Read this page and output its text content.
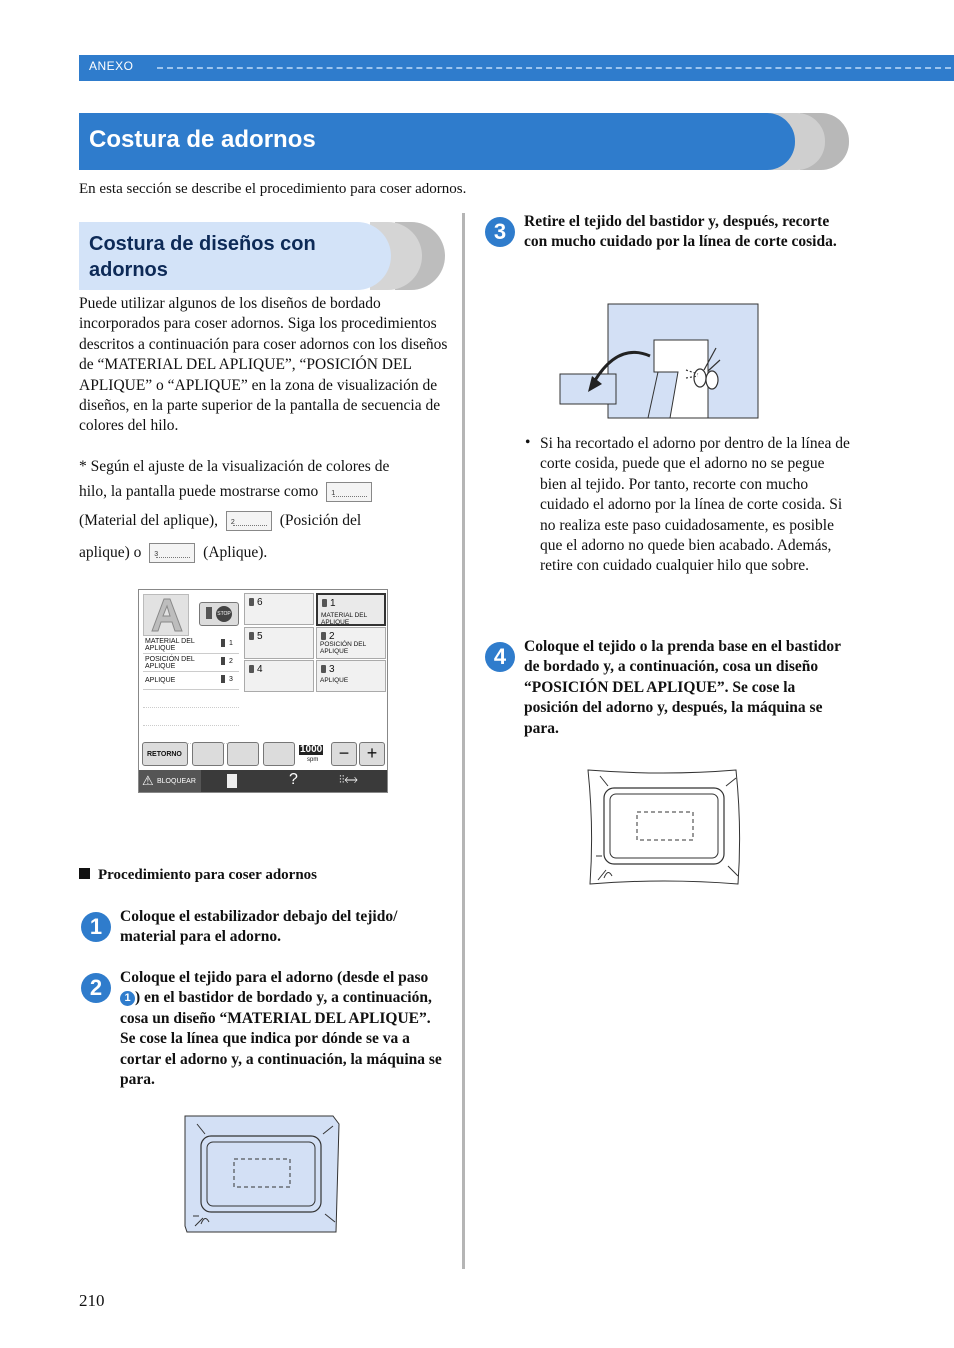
ANEXO
Costura de adornos
En esta sección se describe el procedimiento para coser adornos.
Costura de diseños con adornos
Puede utilizar algunos de los diseños de bordado incorporados para coser adornos. Siga los procedimientos descritos a continuación para coser adornos con los diseños de “MATERIAL DEL APLIQUE”, “POSICIÓN DEL APLIQUE” o “APLIQUE” en la zona de visualización de diseños, en la parte superior de la pantalla de secuencia de colores del hilo.
* Según el ajuste de la visualización de colores de
hilo, la pantalla puede mostrarse como 1
(Material del aplique), 2	(Posición del
aplique) o 3	(Aplique).
STOP
MATERIAL DEL APLIQUE
1
POSICIÓN DEL APLIQUE
2
APLIQUE	3
6	1
MATERIAL DEL APLIQUE
5	2
POSICIÓN DEL APLIQUE
4	3
APLIQUE
RETORNO	1000
spm	− +
⚠ BLOQUEAR	?	⫶⫶⟷
Procedimiento para coser adornos
1	Coloque el estabilizador debajo del tejido/ material para el adorno.
2	Coloque el tejido para el adorno (desde el paso 1 ) en el bastidor de bordado y, a continuación, cosa un diseño “MATERIAL DEL APLIQUE”. Se cose la línea que indica por dónde se va a cortar el adorno y, a continuación, la máquina se para.
3	Retire el tejido del bastidor y, después, recorte con mucho cuidado por la línea de corte cosida.
• Si ha recortado el adorno por dentro de la línea de corte cosida, puede que el adorno no se pegue bien al tejido. Por tanto, recorte con mucho cuidado el adorno por la línea de corte cosida. Si no realiza este paso cuidadosamente, es posible que el adorno no quede bien acabado. Además, retire con cuidado cualquier hilo que sobre.
4	Coloque el tejido o la prenda base en el bastidor de bordado y, a continuación, cosa un diseño “POSICIÓN DEL APLIQUE”. Se cose la posición del adorno y, después, la máquina se para.
210
